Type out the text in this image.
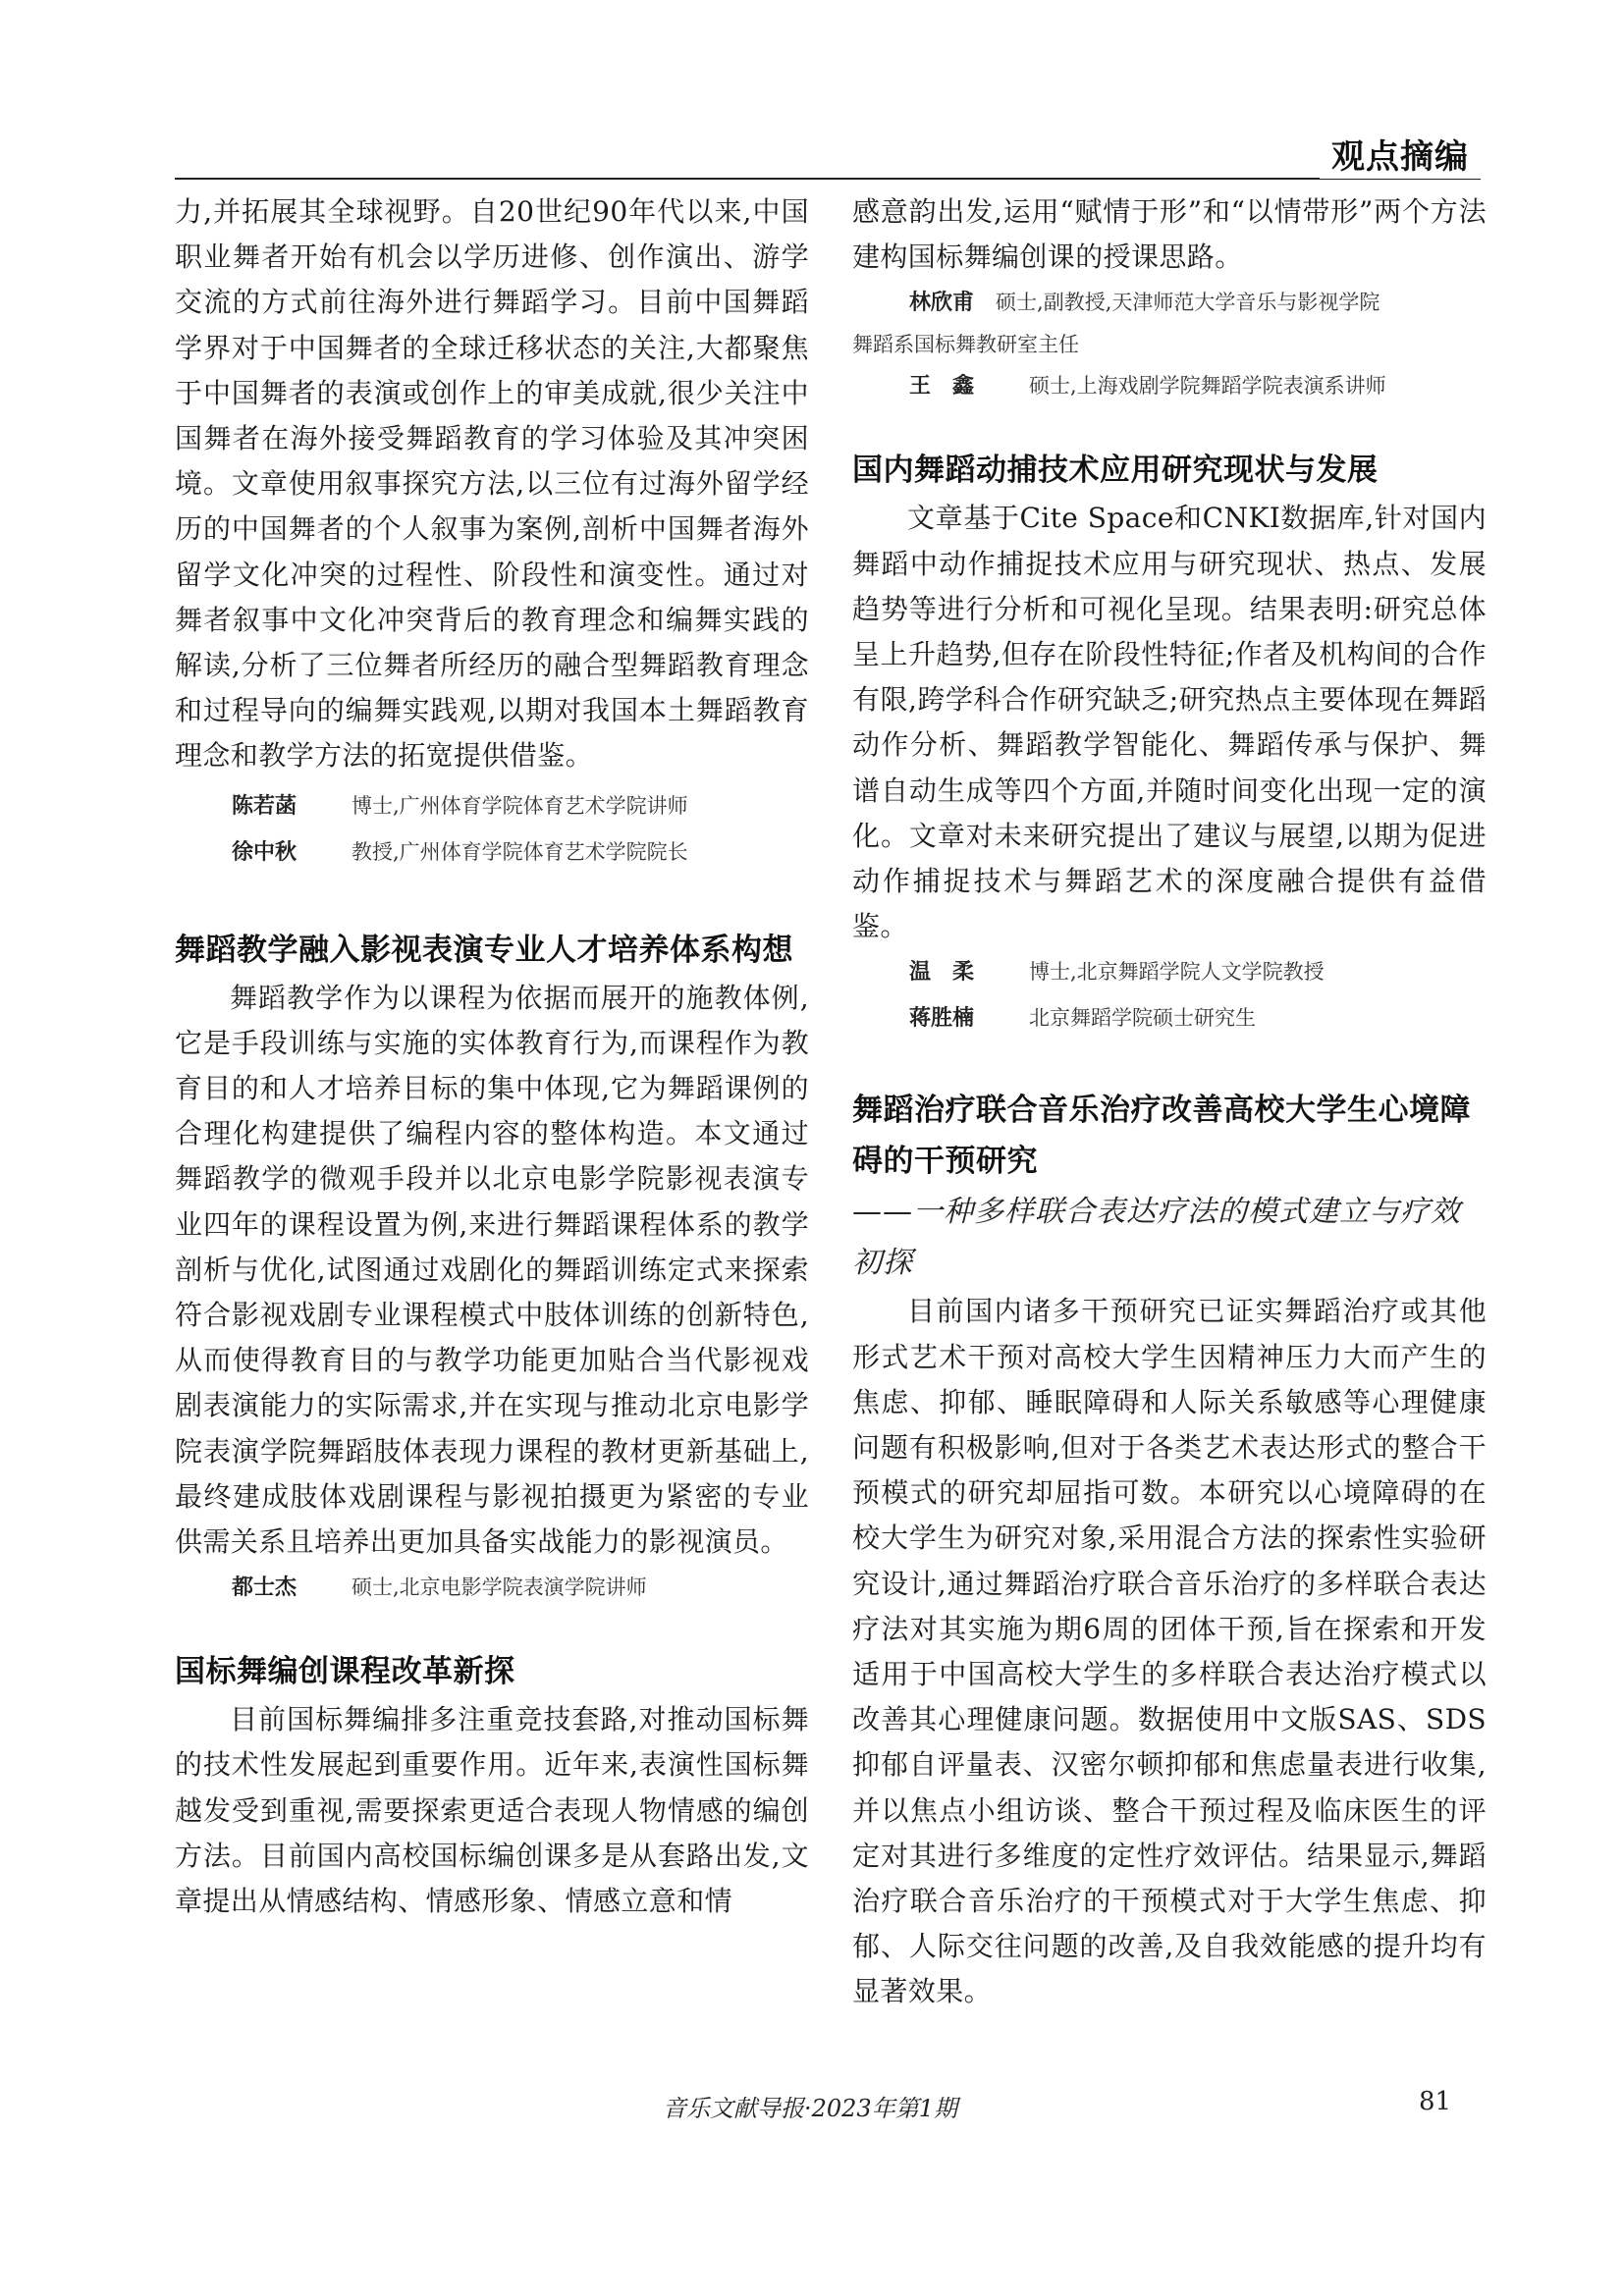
观点摘编

力,并拓展其全球视野。自20世纪90年代以来,中国职业舞者开始有机会以学历进修、创作演出、游学交流的方式前往海外进行舞蹈学习。目前中国舞蹈学界对于中国舞者的全球迁移状态的关注,大都聚焦于中国舞者的表演或创作上的审美成就,很少关注中国舞者在海外接受舞蹈教育的学习体验及其冲突困境。文章使用叙事探究方法,以三位有过海外留学经历的中国舞者的个人叙事为案例,剖析中国舞者海外留学文化冲突的过程性、阶段性和演变性。通过对舞者叙事中文化冲突背后的教育理念和编舞实践的解读,分析了三位舞者所经历的融合型舞蹈教育理念和过程导向的编舞实践观,以期对我国本土舞蹈教育理念和教学方法的拓宽提供借鉴。

陈若菡	博士,广州体育学院体育艺术学院讲师
徐中秋	教授,广州体育学院体育艺术学院院长
舞蹈教学融入影视表演专业人才培养体系构想

舞蹈教学作为以课程为依据而展开的施教体例,它是手段训练与实施的实体教育行为,而课程作为教育目的和人才培养目标的集中体现,它为舞蹈课例的合理化构建提供了编程内容的整体构造。本文通过舞蹈教学的微观手段并以北京电影学院影视表演专业四年的课程设置为例,来进行舞蹈课程体系的教学剖析与优化,试图通过戏剧化的舞蹈训练定式来探索符合影视戏剧专业课程模式中肢体训练的创新特色,从而使得教育目的与教学功能更加贴合当代影视戏剧表演能力的实际需求,并在实现与推动北京电影学院表演学院舞蹈肢体表现力课程的教材更新基础上,最终建成肢体戏剧课程与影视拍摄更为紧密的专业供需关系且培养出更加具备实战能力的影视演员。

都士杰	硕士,北京电影学院表演学院讲师
国标舞编创课程改革新探

目前国标舞编排多注重竞技套路,对推动国标舞的技术性发展起到重要作用。近年来,表演性国标舞越发受到重视,需要探索更适合表现人物情感的编创方法。目前国内高校国标编创课多是从套路出发,文章提出从情感结构、情感形象、情感立意和情

感意韵出发,运用“赋情于形”和“以情带形”两个方法建构国标舞编创课的授课思路。

林欣甫 硕士,副教授,天津师范大学音乐与影视学院
舞蹈系国标舞教研室主任
王　鑫	硕士,上海戏剧学院舞蹈学院表演系讲师
国内舞蹈动捕技术应用研究现状与发展

文章基于Cite Space和CNKI数据库,针对国内舞蹈中动作捕捉技术应用与研究现状、热点、发展趋势等进行分析和可视化呈现。结果表明:研究总体呈上升趋势,但存在阶段性特征;作者及机构间的合作有限,跨学科合作研究缺乏;研究热点主要体现在舞蹈动作分析、舞蹈教学智能化、舞蹈传承与保护、舞谱自动生成等四个方面,并随时间变化出现一定的演化。文章对未来研究提出了建议与展望,以期为促进动作捕捉技术与舞蹈艺术的深度融合提供有益借鉴。

温　柔	博士,北京舞蹈学院人文学院教授
蒋胜楠	北京舞蹈学院硕士研究生
舞蹈治疗联合音乐治疗改善高校大学生心境障碍的干预研究
——一种多样联合表达疗法的模式建立与疗效初探

目前国内诸多干预研究已证实舞蹈治疗或其他形式艺术干预对高校大学生因精神压力大而产生的焦虑、抑郁、睡眠障碍和人际关系敏感等心理健康问题有积极影响,但对于各类艺术表达形式的整合干预模式的研究却屈指可数。本研究以心境障碍的在校大学生为研究对象,采用混合方法的探索性实验研究设计,通过舞蹈治疗联合音乐治疗的多样联合表达疗法对其实施为期6周的团体干预,旨在探索和开发适用于中国高校大学生的多样联合表达治疗模式以改善其心理健康问题。数据使用中文版SAS、SDS抑郁自评量表、汉密尔顿抑郁和焦虑量表进行收集,并以焦点小组访谈、整合干预过程及临床医生的评定对其进行多维度的定性疗效评估。结果显示,舞蹈治疗联合音乐治疗的干预模式对于大学生焦虑、抑郁、人际交往问题的改善,及自我效能感的提升均有显著效果。

音乐文献导报·2023年第1期	81
